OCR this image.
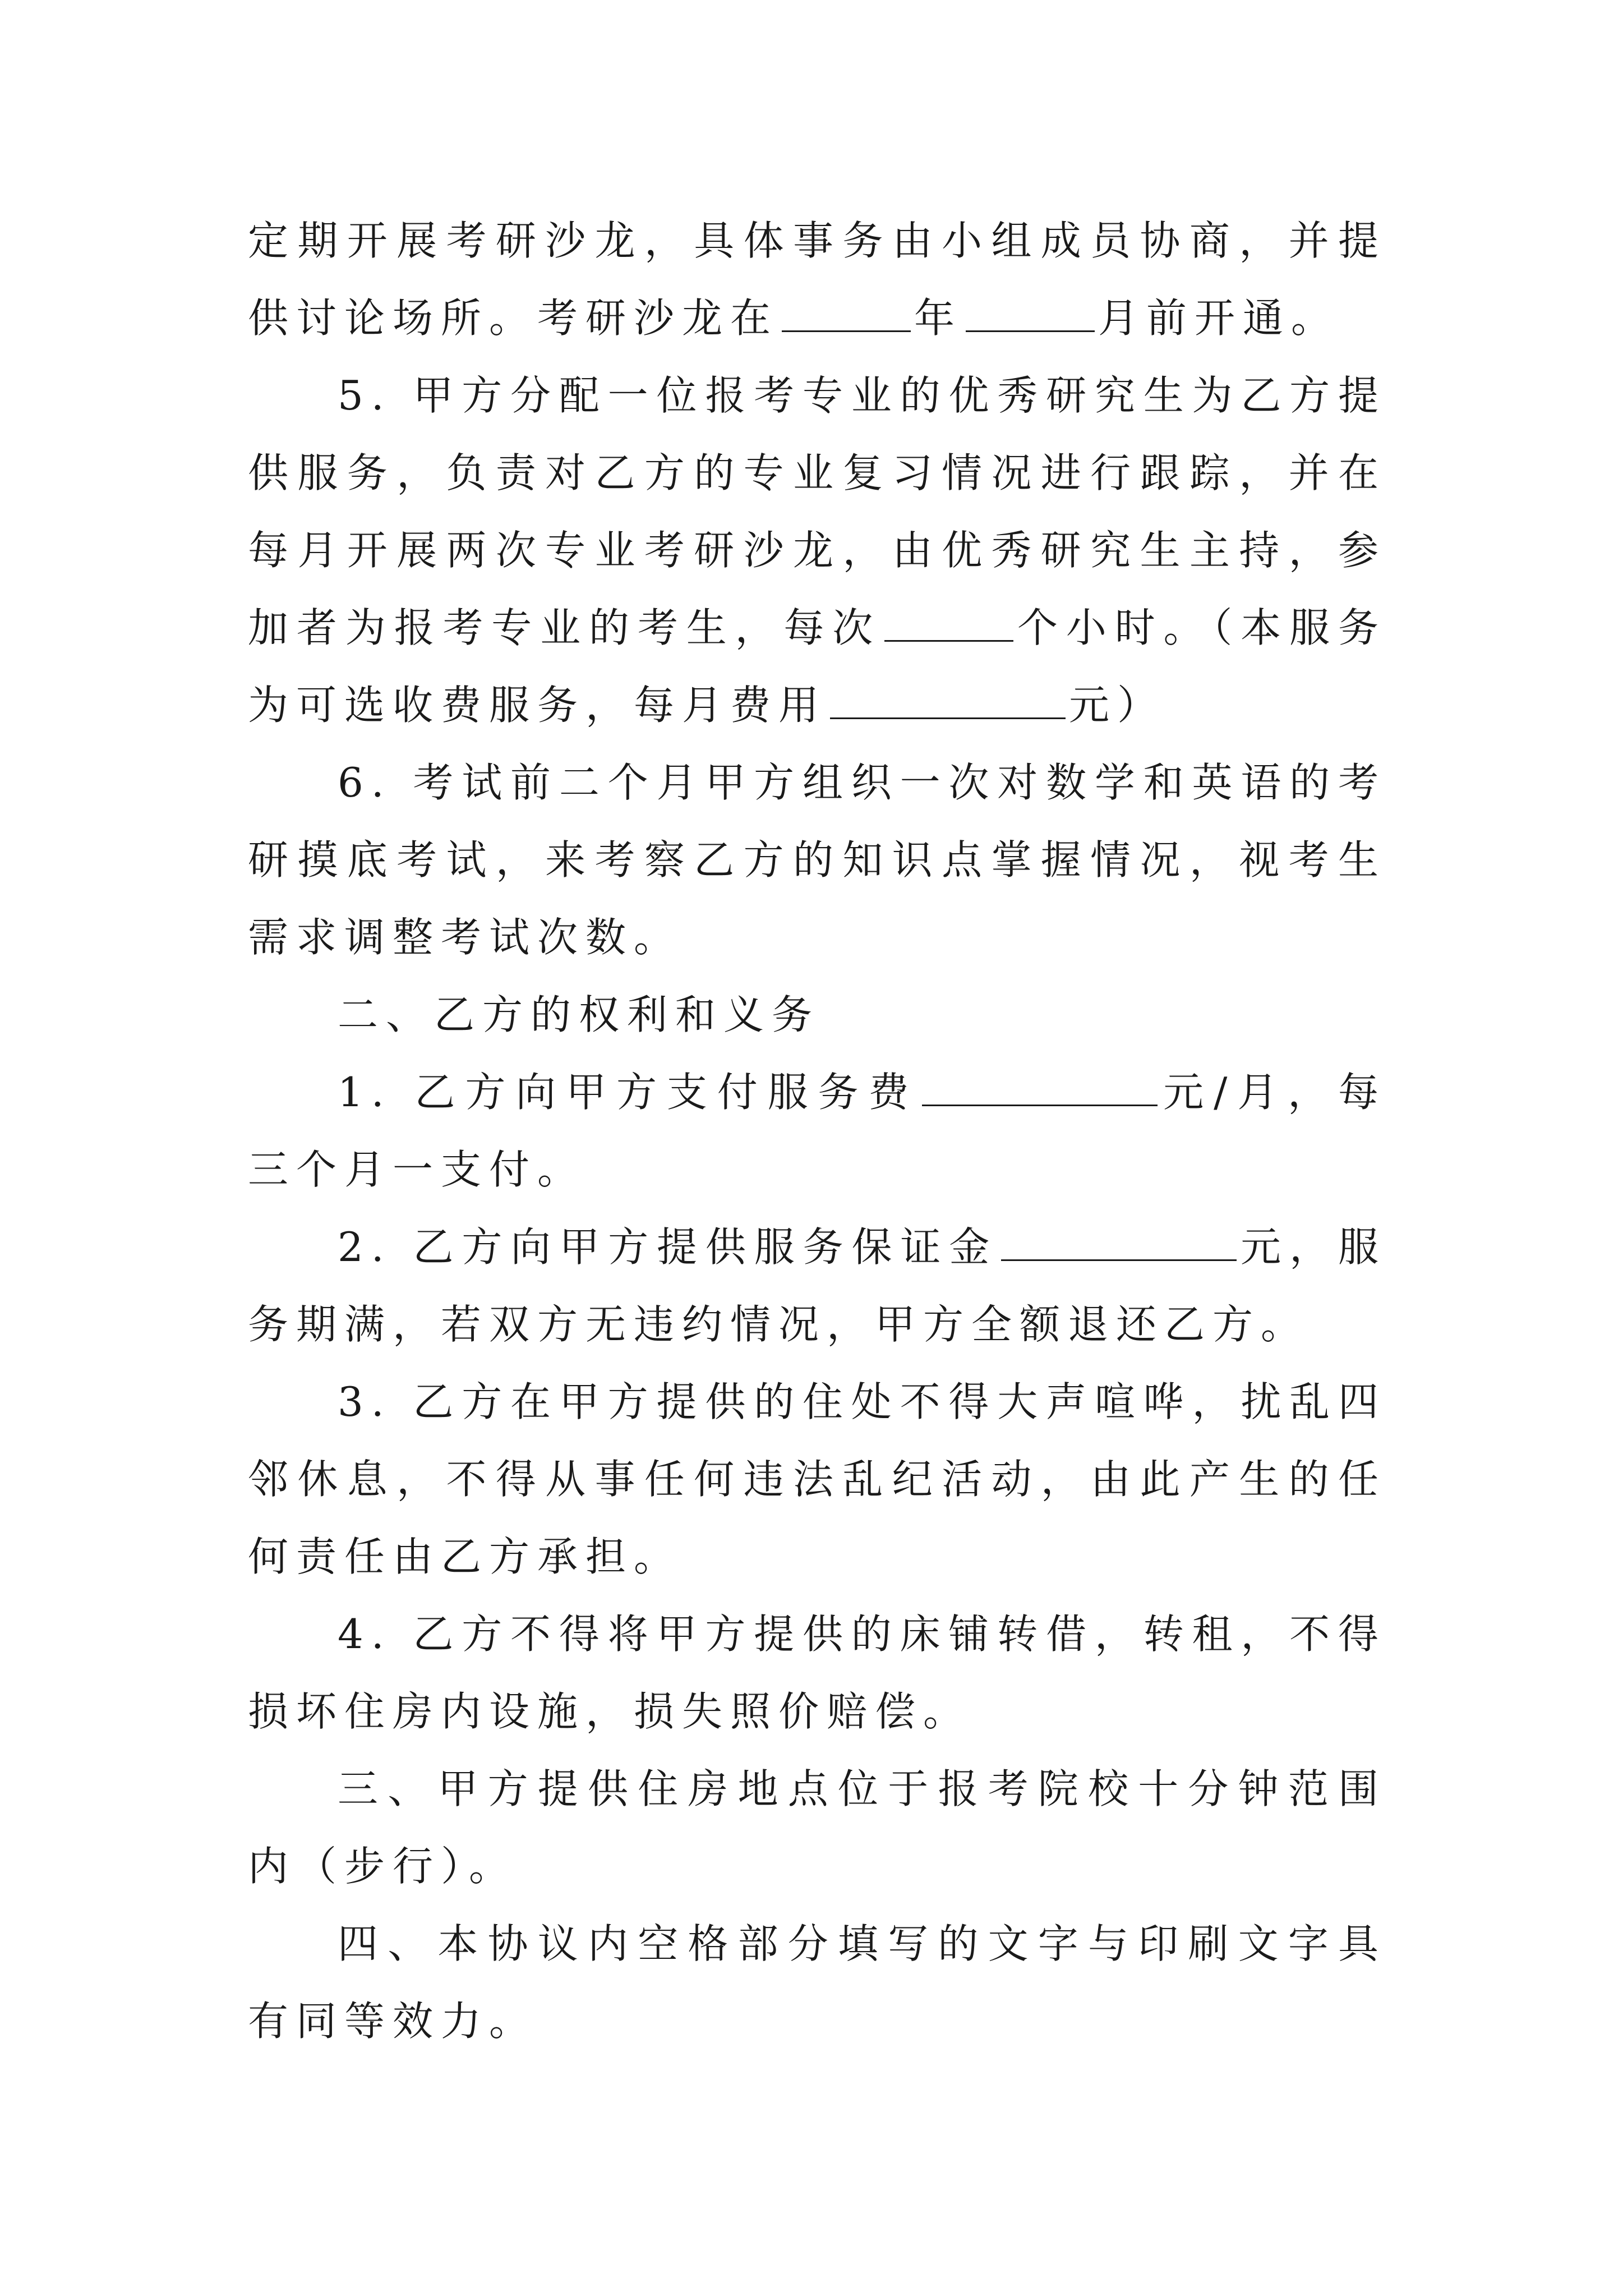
定期开展考研沙龙，具体事务由小组成员协商，并提供讨论场所。考研沙龙在	年	月前开通。

5. 甲方分配一位报考专业的优秀研究生为乙方提供服务，负责对乙方的专业复习情况进行跟踪，并在每月开展两次专业考研沙龙，由优秀研究生主持，参加者为报考专业的考生，每次	个小时。（本服务为可选收费服务，每月费用	元）

6. 考试前二个月甲方组织一次对数学和英语的考研摸底考试，来考察乙方的知识点掌握情况，视考生需求调整考试次数。

二、乙方的权利和义务

1. 乙方向甲方支付服务费	元/月，每三个月一支付。

2. 乙方向甲方提供服务保证金	元，服务期满，若双方无违约情况，甲方全额退还乙方。

3. 乙方在甲方提供的住处不得大声喧哗，扰乱四邻休息，不得从事任何违法乱纪活动，由此产生的任何责任由乙方承担。

4. 乙方不得将甲方提供的床铺转借，转租，不得损坏住房内设施，损失照价赔偿。

三、甲方提供住房地点位于报考院校十分钟范围内（步行）。

四、本协议内空格部分填写的文字与印刷文字具有同等效力。
